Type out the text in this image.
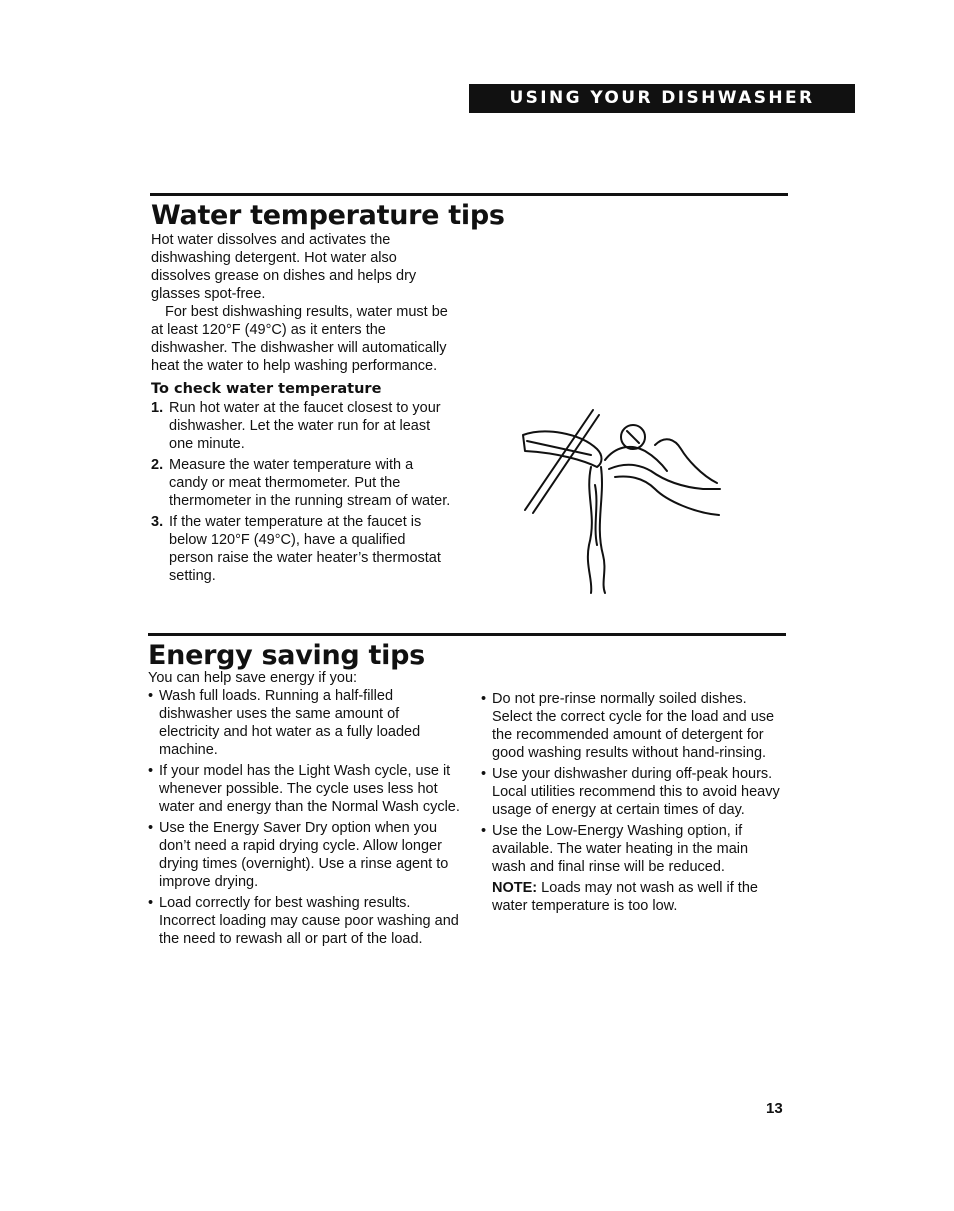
USING YOUR DISHWASHER
Water temperature tips

Hot water dissolves and activates the dishwashing detergent. Hot water also dissolves grease on dishes and helps dry glasses spot-free.

For best dishwashing results, water must be at least 120°F (49°C) as it enters the dishwasher. The dishwasher will automatically heat the water to help washing performance.

To check water temperature
1. Run hot water at the faucet closest to your dishwasher. Let the water run for at least one minute.
2. Measure the water temperature with a candy or meat thermometer. Put the thermometer in the running stream of water.
3. If the water temperature at the faucet is below 120°F (49°C), have a qualified person raise the water heater’s thermostat setting.
Energy saving tips

You can help save energy if you:

• Wash full loads. Running a half-filled dishwasher uses the same amount of electricity and hot water as a fully loaded machine.
• If your model has the Light Wash cycle, use it whenever possible. The cycle uses less hot water and energy than the Normal Wash cycle.
• Use the Energy Saver Dry option when you don’t need a rapid drying cycle. Allow longer drying times (overnight). Use a rinse agent to improve drying.
• Load correctly for best washing results. Incorrect loading may cause poor washing and the need to rewash all or part of the load.
• Do not pre-rinse normally soiled dishes. Select the correct cycle for the load and use the recommended amount of detergent for good washing results without hand-rinsing.
• Use your dishwasher during off-peak hours. Local utilities recommend this to avoid heavy usage of energy at certain times of day.
• Use the Low-Energy Washing option, if available. The water heating in the main wash and final rinse will be reduced.

NOTE: Loads may not wash as well if the water temperature is too low.

13
